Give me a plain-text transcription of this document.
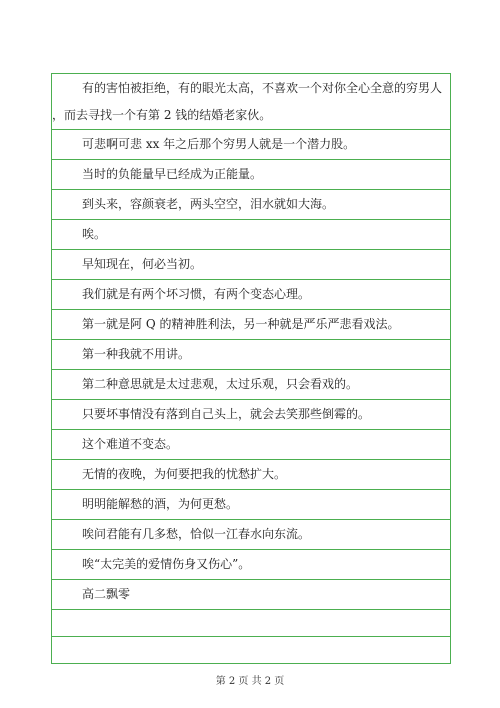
有的害怕被拒绝，有的眼光太高，不喜欢一个对你全心全意的穷男人
，而去寻找一个有第 2 钱的结婚老家伙。
可悲啊可悲 xx 年之后那个穷男人就是一个潜力股。
当时的负能量早已经成为正能量。
到头来，容颜衰老，两头空空，泪水就如大海。
唉。
早知现在，何必当初。
我们就是有两个坏习惯，有两个变态心理。
第一就是阿 Q 的精神胜利法，另一种就是严乐严悲看戏法。
第一种我就不用讲。
第二种意思就是太过悲观，太过乐观，只会看戏的。
只要坏事情没有落到自己头上，就会去笑那些倒霉的。
这个难道不变态。
无情的夜晚，为何要把我的忧愁扩大。
明明能解愁的酒，为何更愁。
唉问君能有几多愁，恰似一江春水向东流。
唉“太完美的爱情伤身又伤心”。
高二飘零
第 2 页 共 2 页
